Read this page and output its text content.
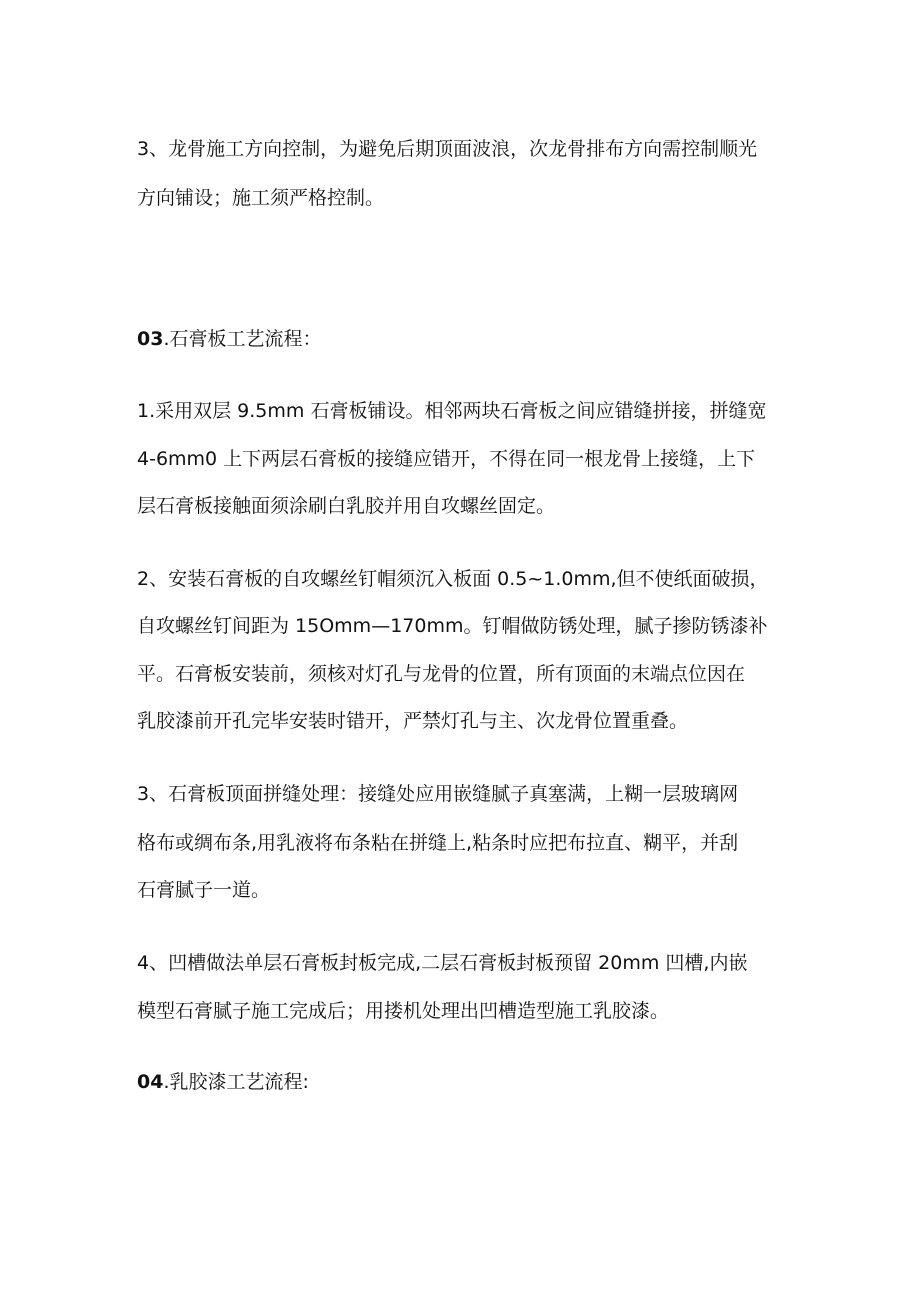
3、龙骨施工方向控制，为避免后期顶面波浪，次龙骨排布方向需控制顺光
方向铺设；施工须严格控制。
03.石膏板工艺流程：
1.采用双层 9.5mm 石膏板铺设。相邻两块石膏板之间应错缝拼接，拼缝宽
4-6mm0 上下两层石膏板的接缝应错开，不得在同一根龙骨上接缝，上下
层石膏板接触面须涂刷白乳胶并用自攻螺丝固定。
2、安装石膏板的自攻螺丝钉帽须沉入板面 0.5~1.0mm,但不使纸面破损，
自攻螺丝钉间距为 15Omm—170mm。钉帽做防锈处理，腻子掺防锈漆补
平。石膏板安装前，须核对灯孔与龙骨的位置，所有顶面的末端点位因在
乳胶漆前开孔完毕安装时错开，严禁灯孔与主、次龙骨位置重叠。
3、石膏板顶面拼缝处理：接缝处应用嵌缝腻子真塞满，上糊一层玻璃网
格布或绸布条,用乳液将布条粘在拼缝上,粘条时应把布拉直、糊平，并刮
石膏腻子一道。
4、凹槽做法单层石膏板封板完成,二层石膏板封板预留 20mm 凹槽,内嵌
模型石膏腻子施工完成后；用搂机处理出凹槽造型施工乳胶漆。
04.乳胶漆工艺流程:
